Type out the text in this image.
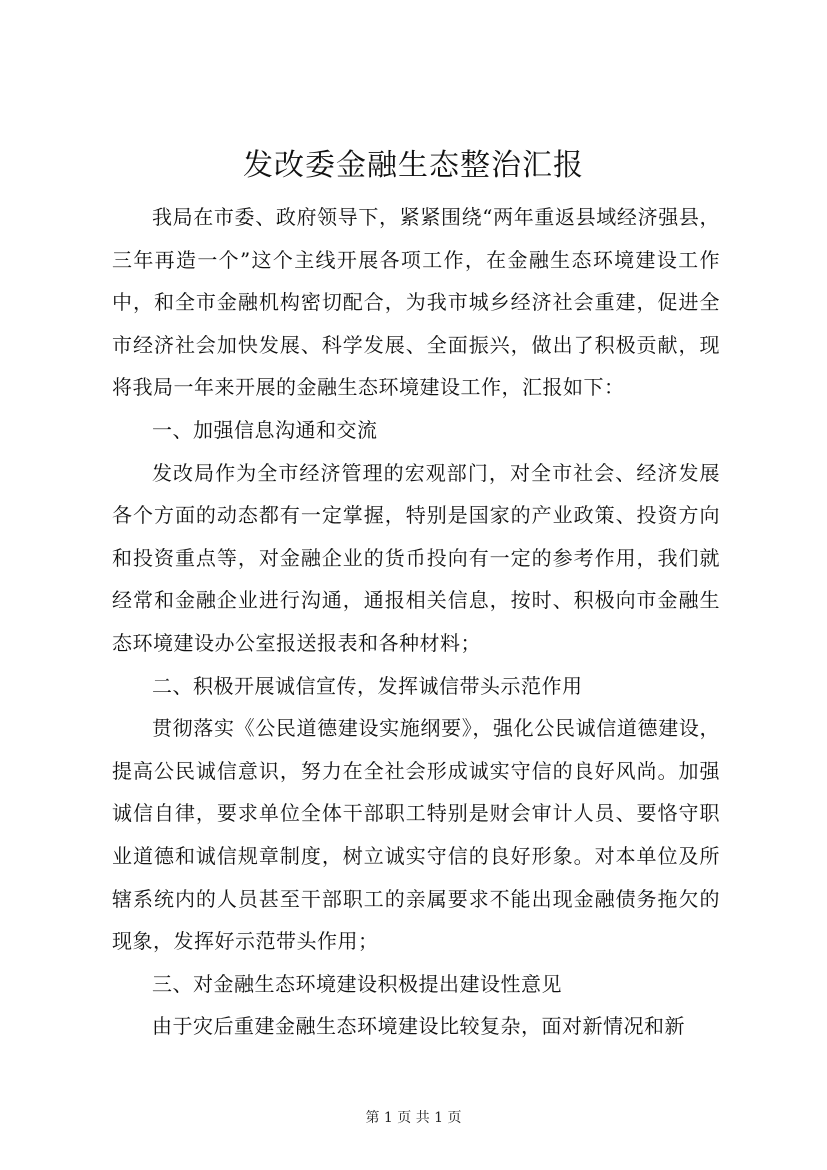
发改委金融生态整治汇报

我局在市委、政府领导下，紧紧围绕“两年重返县域经济强县，三年再造一个”这个主线开展各项工作，在金融生态环境建设工作中，和全市金融机构密切配合，为我市城乡经济社会重建，促进全市经济社会加快发展、科学发展、全面振兴，做出了积极贡献，现将我局一年来开展的金融生态环境建设工作，汇报如下：

一、加强信息沟通和交流

发改局作为全市经济管理的宏观部门，对全市社会、经济发展各个方面的动态都有一定掌握，特别是国家的产业政策、投资方向和投资重点等，对金融企业的货币投向有一定的参考作用，我们就经常和金融企业进行沟通，通报相关信息，按时、积极向市金融生态环境建设办公室报送报表和各种材料；

二、积极开展诚信宣传，发挥诚信带头示范作用

贯彻落实《公民道德建设实施纲要》，强化公民诚信道德建设，提高公民诚信意识，努力在全社会形成诚实守信的良好风尚。加强诚信自律，要求单位全体干部职工特别是财会审计人员、要恪守职业道德和诚信规章制度，树立诚实守信的良好形象。对本单位及所辖系统内的人员甚至干部职工的亲属要求不能出现金融债务拖欠的现象，发挥好示范带头作用；

三、对金融生态环境建设积极提出建设性意见

由于灾后重建金融生态环境建设比较复杂，面对新情况和新

第 1 页 共 1 页
